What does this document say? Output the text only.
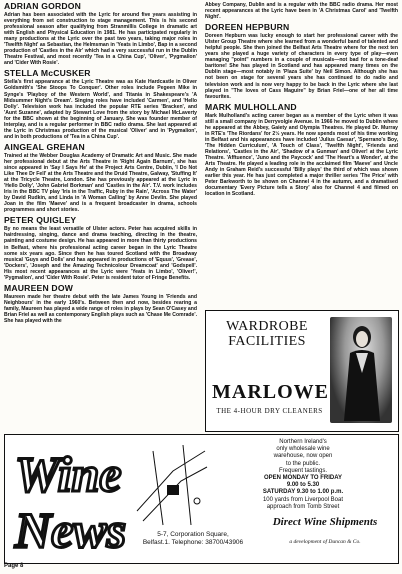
ADRIAN GORDON

Adrian has been associated with the Lyric for around five years assisting in everything from set construction to stage management. This is his second professional season after qualifying from Stranmillis College in dramatic art with English and Physical Education in 1981. He has participated regularly in many productions at the Lyric over the past two years, taking major roles in 'Twelfth Night' as Sebastian, the Helmsman in 'Yeats in Limbo', Bap in a second production of 'Castles in the Air' which had a very successful run in the Dublin Theatre Festival, and most recently 'Tea in a China Cup', 'Oliver', 'Pygmalion' and 'Cider With Rosie'.

STELLA McCUSKER

Stella's first appearance at the Lyric Theatre was as Kate Hardcastle in Oliver Goldsmith's 'She Stoops To Conquer'. Other roles include Pegeen Mike in Synge's 'Playboy of the Western World', and Titania in Shakespeare's 'A Midsummer Night's Dream'. Singing roles have included 'Carmen', and 'Hello Dolly'. Television work has included the popular RTE series 'Bracken', and 'Aunt Suzanne', adapted by Stewart Love from the story by Michael McLaverty for the BBC shown at the beginning of January. She was founder member of Interplay, and is a regular performer in BBC radio drama. She last appeared at the Lyric in Christmas production of the musical 'Oliver' and in 'Pygmalion', and in both productions of 'Tea in a China Cup'.

AINGEAL GREHAN

Trained at the Webber Douglas Academy of Dramatic Art and Music. She made her professional debut at the Arts Theatre in 'Right Again Barnum', she has since appeared in 'Say I Says He' at the Project Arts Centre, Dublin, 'I Do Not Like Thee Dr Fell' at the Arts Theatre and the Druid Theatre, Galway, 'Stuffing It' at the Tricycle Theatre, London. She has previously appeared at the Lyric in 'Hello Dolly', 'John Gabriel Borkman' and 'Castles in the Air'. T.V. work includes Iris in the BBC TV play 'Iris in the Traffic, Ruby in the Rain', 'Across The Water' by David Rudkin, and Linda in 'A Woman Calling' by Anne Devlin. She played Joan in the film 'Maeve' and is a frequent broadcaster in drama, schools programmes and short stories.

PETER QUIGLEY

By no means the least versatile of Ulster actors. Peter has acquired skills in hairdressing, singing, dance and drama teaching, directing in the theatre, painting and costume design. He has appeared in more than thirty productions in Belfast, where his professional acting career began in the Lyric Theatre some six years ago. Since then he has toured Scotland with the Broadway musical 'Guys and Dolls' and has appeared in productions of 'Equus', 'Grease', 'Dockers', 'Joseph and the Amazing Technicolour Dreamcoat' and 'Godspell'. His most recent appearances at the Lyric were 'Yeats in Limbo', 'Oliver!', 'Pygmalion', and 'Cider With Rosie'. Peter is resident tutor of Fringe Benefits.

MAUREEN DOW

Maureen made her theatre debut with the late James Young in 'Friends and Neighbours' in the early 1960's. Between then and now, besides rearing a family, Maureen has played a wide range of roles in plays by Sean O'Casey and Brian Friel as well as contemporary English plays such as 'Chase Me Comrade'. She has played with the

Abbey Company, Dublin and is a regular with the BBC radio drama. Her most recent appearances at the Lyric have been in 'A Christmas Carol' and 'Twelfth Night'.

DOREEN HEPBURN

Doreen Hepburn was lucky enough to start her professional career with the Ulster Group Theatre where she learned from a wonderful band of talented and helpful people. She then joined the Belfast Arts Theatre where for the next ten years she played a huge variety of characters in every type of play—even managing "point" numbers in a couple of musicals—not bad for a tone-deaf baritone! She has played in Scotland and has appeared many times on the Dublin stage—most notably in 'Plaza Suite' by Neil Simon. Although she has not been on stage for several years she has continued to do radio and television work and is now very happy to be back in the Lyric where she last played in "The loves of Cass Maguire" by Brian Friel—one of her all time favourites.

MARK MULHOLLAND

Mark Mulholland's acting career began as a member of the Lyric when it was still a small company in Derryvolgie Avenue. In 1966 he moved to Dublin where he appeared at the Abbey, Gaiety and Olympia Theatres. He played Dr. Murray in RTE's 'The Riordans' for 2½ years. He now spends most of his time working in Belfast and his appearances have included 'Julius Caesar', 'Sperrano's Boy, 'The Hidden Curriculum', 'A Touch of Class', 'Twelfth Night', 'Friends and Relations', 'Castles in the Air', 'Shadow of a Gunman' and Oliver! at the Lyric Theatre. 'Afftuence', 'Juno and the Paycock' and 'The Heart's a Wonder', at the Arts Theatre. He played a leading role in the acclaimed film 'Maeve' and Uncle Andy in Graham Reid's successful 'Billy plays' the third of which was shown earlier this year. He has just completed a major thriller series 'The Price' with Peter Barkworth to be shown on Channel 4 in the autumn, and a dramatised documentary 'Every Picture tells a Story' also for Channel 4 and filmed on location in Scotland.

WARDROBE FACILITIES
MARLOWE
THE 4-HOUR DRY CLEANERS
Wine
News
Northern Ireland's
only wholesale wine
warehouse, now open
to the public.
Frequent tastings.
OPEN MONDAY TO FRIDAY
9.00 to 5.30
SATURDAY 9.30 to 1.00 p.m.
100 yards from Liverpool Boat
approach from Tomb Street
Direct Wine Shipments
a development of Duncan & Co.
5-7, Corporation Square,
Belfast.1. Telephone: 38700/43906
Page 8
